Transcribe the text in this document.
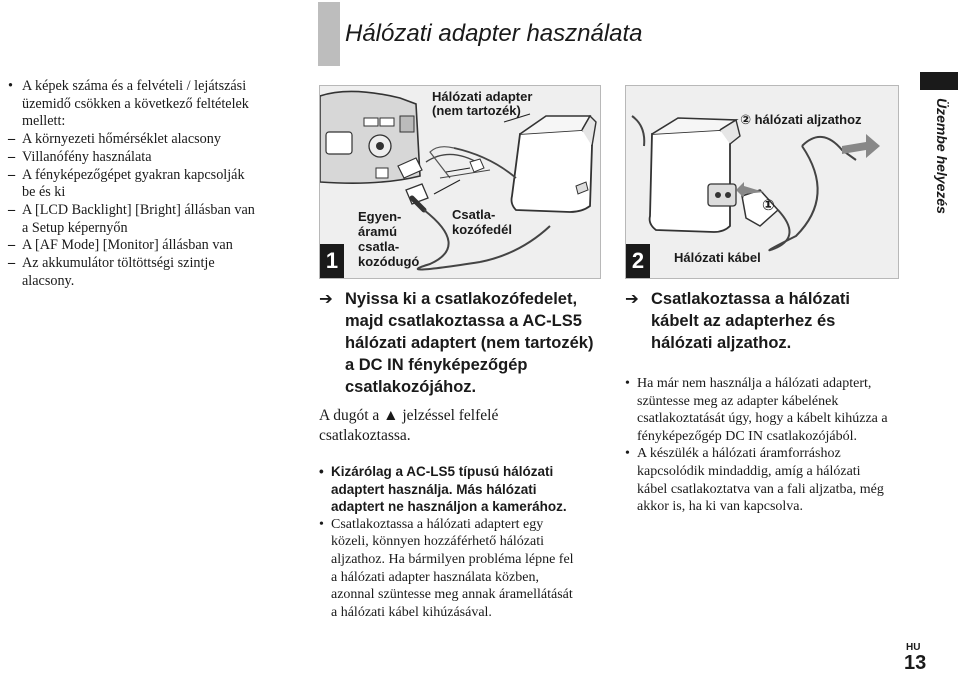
Hálózati adapter használata
Üzembe helyezés
• A képek száma és a felvételi / lejátszási
üzemidő csökken a következő feltételek
mellett:
– A környezeti hőmérséklet alacsony
– Villanófény használata
– A fényképezőgépet gyakran kapcsolják
be és ki
– A [LCD Backlight] [Bright] állásban van
a Setup képernyőn
– A [AF Mode] [Monitor] állásban van
– Az akkumulátor töltöttségi szintje
alacsony.
Hálózati adapter
(nem tartozék)
Egyen-
áramú
csatla-
kozódugó
Csatla-
kozófedél
1
② hálózati aljzathoz
①
Hálózati kábel
2
➔ Nyissa ki a csatlakozófedelet,
majd csatlakoztassa a AC-LS5
hálózati adaptert (nem tartozék)
a DC IN fényképezőgép
csatlakozójához.
A dugót a ▲ jelzéssel felfelé
csatlakoztassa.
• Kizárólag a AC-LS5 típusú hálózati
adaptert használja. Más hálózati
adaptert ne használjon a kamerához.
• Csatlakoztassa a hálózati adaptert egy
közeli, könnyen hozzáférhető hálózati
aljzathoz. Ha bármilyen probléma lépne fel
a hálózati adapter használata közben,
azonnal szüntesse meg annak áramellátását
a hálózati kábel kihúzásával.
➔ Csatlakoztassa a hálózati
kábelt az adapterhez és
hálózati aljzathoz.
• Ha már nem használja a hálózati adaptert,
szüntesse meg az adapter kábelének
csatlakoztatását úgy, hogy a kábelt kihúzza a
fényképezőgép DC IN csatlakozójából.
• A készülék a hálózati áramforráshoz
kapcsolódik mindaddig, amíg a hálózati
kábel csatlakoztatva van a fali aljzatba, még
akkor is, ha ki van kapcsolva.
HU
13
